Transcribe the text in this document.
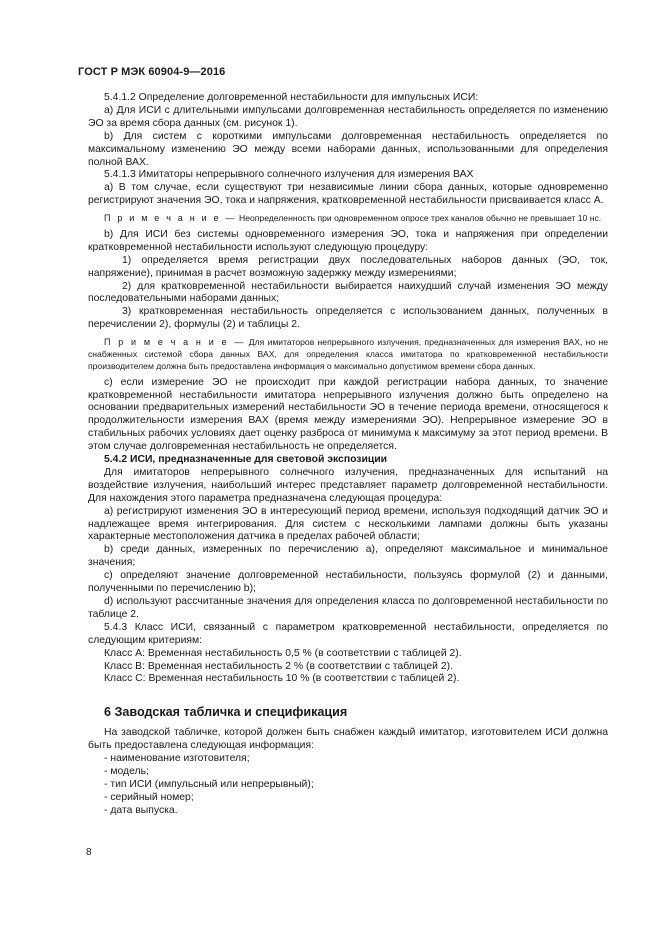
ГОСТ Р МЭК 60904-9—2016

5.4.1.2 Определение долговременной нестабильности для импульсных ИСИ:

a) Для ИСИ с длительными импульсами долговременная нестабильность определяется по изменению ЭО за время сбора данных (см. рисунок 1).

b) Для систем с короткими импульсами долговременная нестабильность определяется по максимальному изменению ЭО между всеми наборами данных, использованными для определения полной ВАХ.

5.4.1.3 Имитаторы непрерывного солнечного излучения для измерения ВАХ

a) В том случае, если существуют три независимые линии сбора данных, которые одновременно регистрируют значения ЭО, тока и напряжения, кратковременной нестабильности присваивается класс А.

П р и м е ч а н и е — Неопределенность при одновременном опросе трех каналов обычно не превышает 10 нс.

b) Для ИСИ без системы одновременного измерения ЭО, тока и напряжения при определении кратковременной нестабильности используют следующую процедуру:

1) определяется время регистрации двух последовательных наборов данных (ЭО, ток, напряжение), принимая в расчет возможную задержку между измерениями;

2) для кратковременной нестабильности выбирается наихудший случай изменения ЭО между последовательными наборами данных;

3) кратковременная нестабильность определяется с использованием данных, полученных в перечислении 2), формулы (2) и таблицы 2.

П р и м е ч а н и е — Для имитаторов непрерывного излучения, предназначенных для измерения ВАХ, но не снабженных системой сбора данных ВАХ, для определения класса имитатора по кратковременной нестабильности производителем должна быть предоставлена информация о максимально допустимом времени сбора данных.

c) если измерение ЭО не происходит при каждой регистрации набора данных, то значение кратковременной нестабильности имитатора непрерывного излучения должно быть определено на основании предварительных измерений нестабильности ЭО в течение периода времени, относящегося к продолжительности измерения ВАХ (время между измерениями ЭО). Непрерывное измерение ЭО в стабильных рабочих условиях дает оценку разброса от минимума к максимуму за этот период времени. В этом случае долговременная нестабильность не определяется.

5.4.2 ИСИ, предназначенные для световой экспозиции

Для имитаторов непрерывного солнечного излучения, предназначенных для испытаний на воздействие излучения, наибольший интерес представляет параметр долговременной нестабильности. Для нахождения этого параметра предназначена следующая процедура:

a) регистрируют изменения ЭО в интересующий период времени, используя подходящий датчик ЭО и надлежащее время интегрирования. Для систем с несколькими лампами должны быть указаны характерные местоположения датчика в пределах рабочей области;

b) среди данных, измеренных по перечислению а), определяют максимальное и минимальное значения;

c) определяют значение долговременной нестабильности, пользуясь формулой (2) и данными, полученными по перечислению b);

d) используют рассчитанные значения для определения класса по долговременной нестабильности по таблице 2.

5.4.3 Класс ИСИ, связанный с параметром кратковременной нестабильности, определяется по следующим критериям:

Класс А: Временная нестабильность 0,5 % (в соответствии с таблицей 2).

Класс В: Временная нестабильность 2 % (в соответствии с таблицей 2).

Класс С: Временная нестабильность 10 % (в соответствии с таблицей 2).

6 Заводская табличка и спецификация

На заводской табличке, которой должен быть снабжен каждый имитатор, изготовителем ИСИ должна быть предоставлена следующая информация:

- наименование изготовителя;

- модель;

- тип ИСИ (импульсный или непрерывный);

- серийный номер;

- дата выпуска.

8
